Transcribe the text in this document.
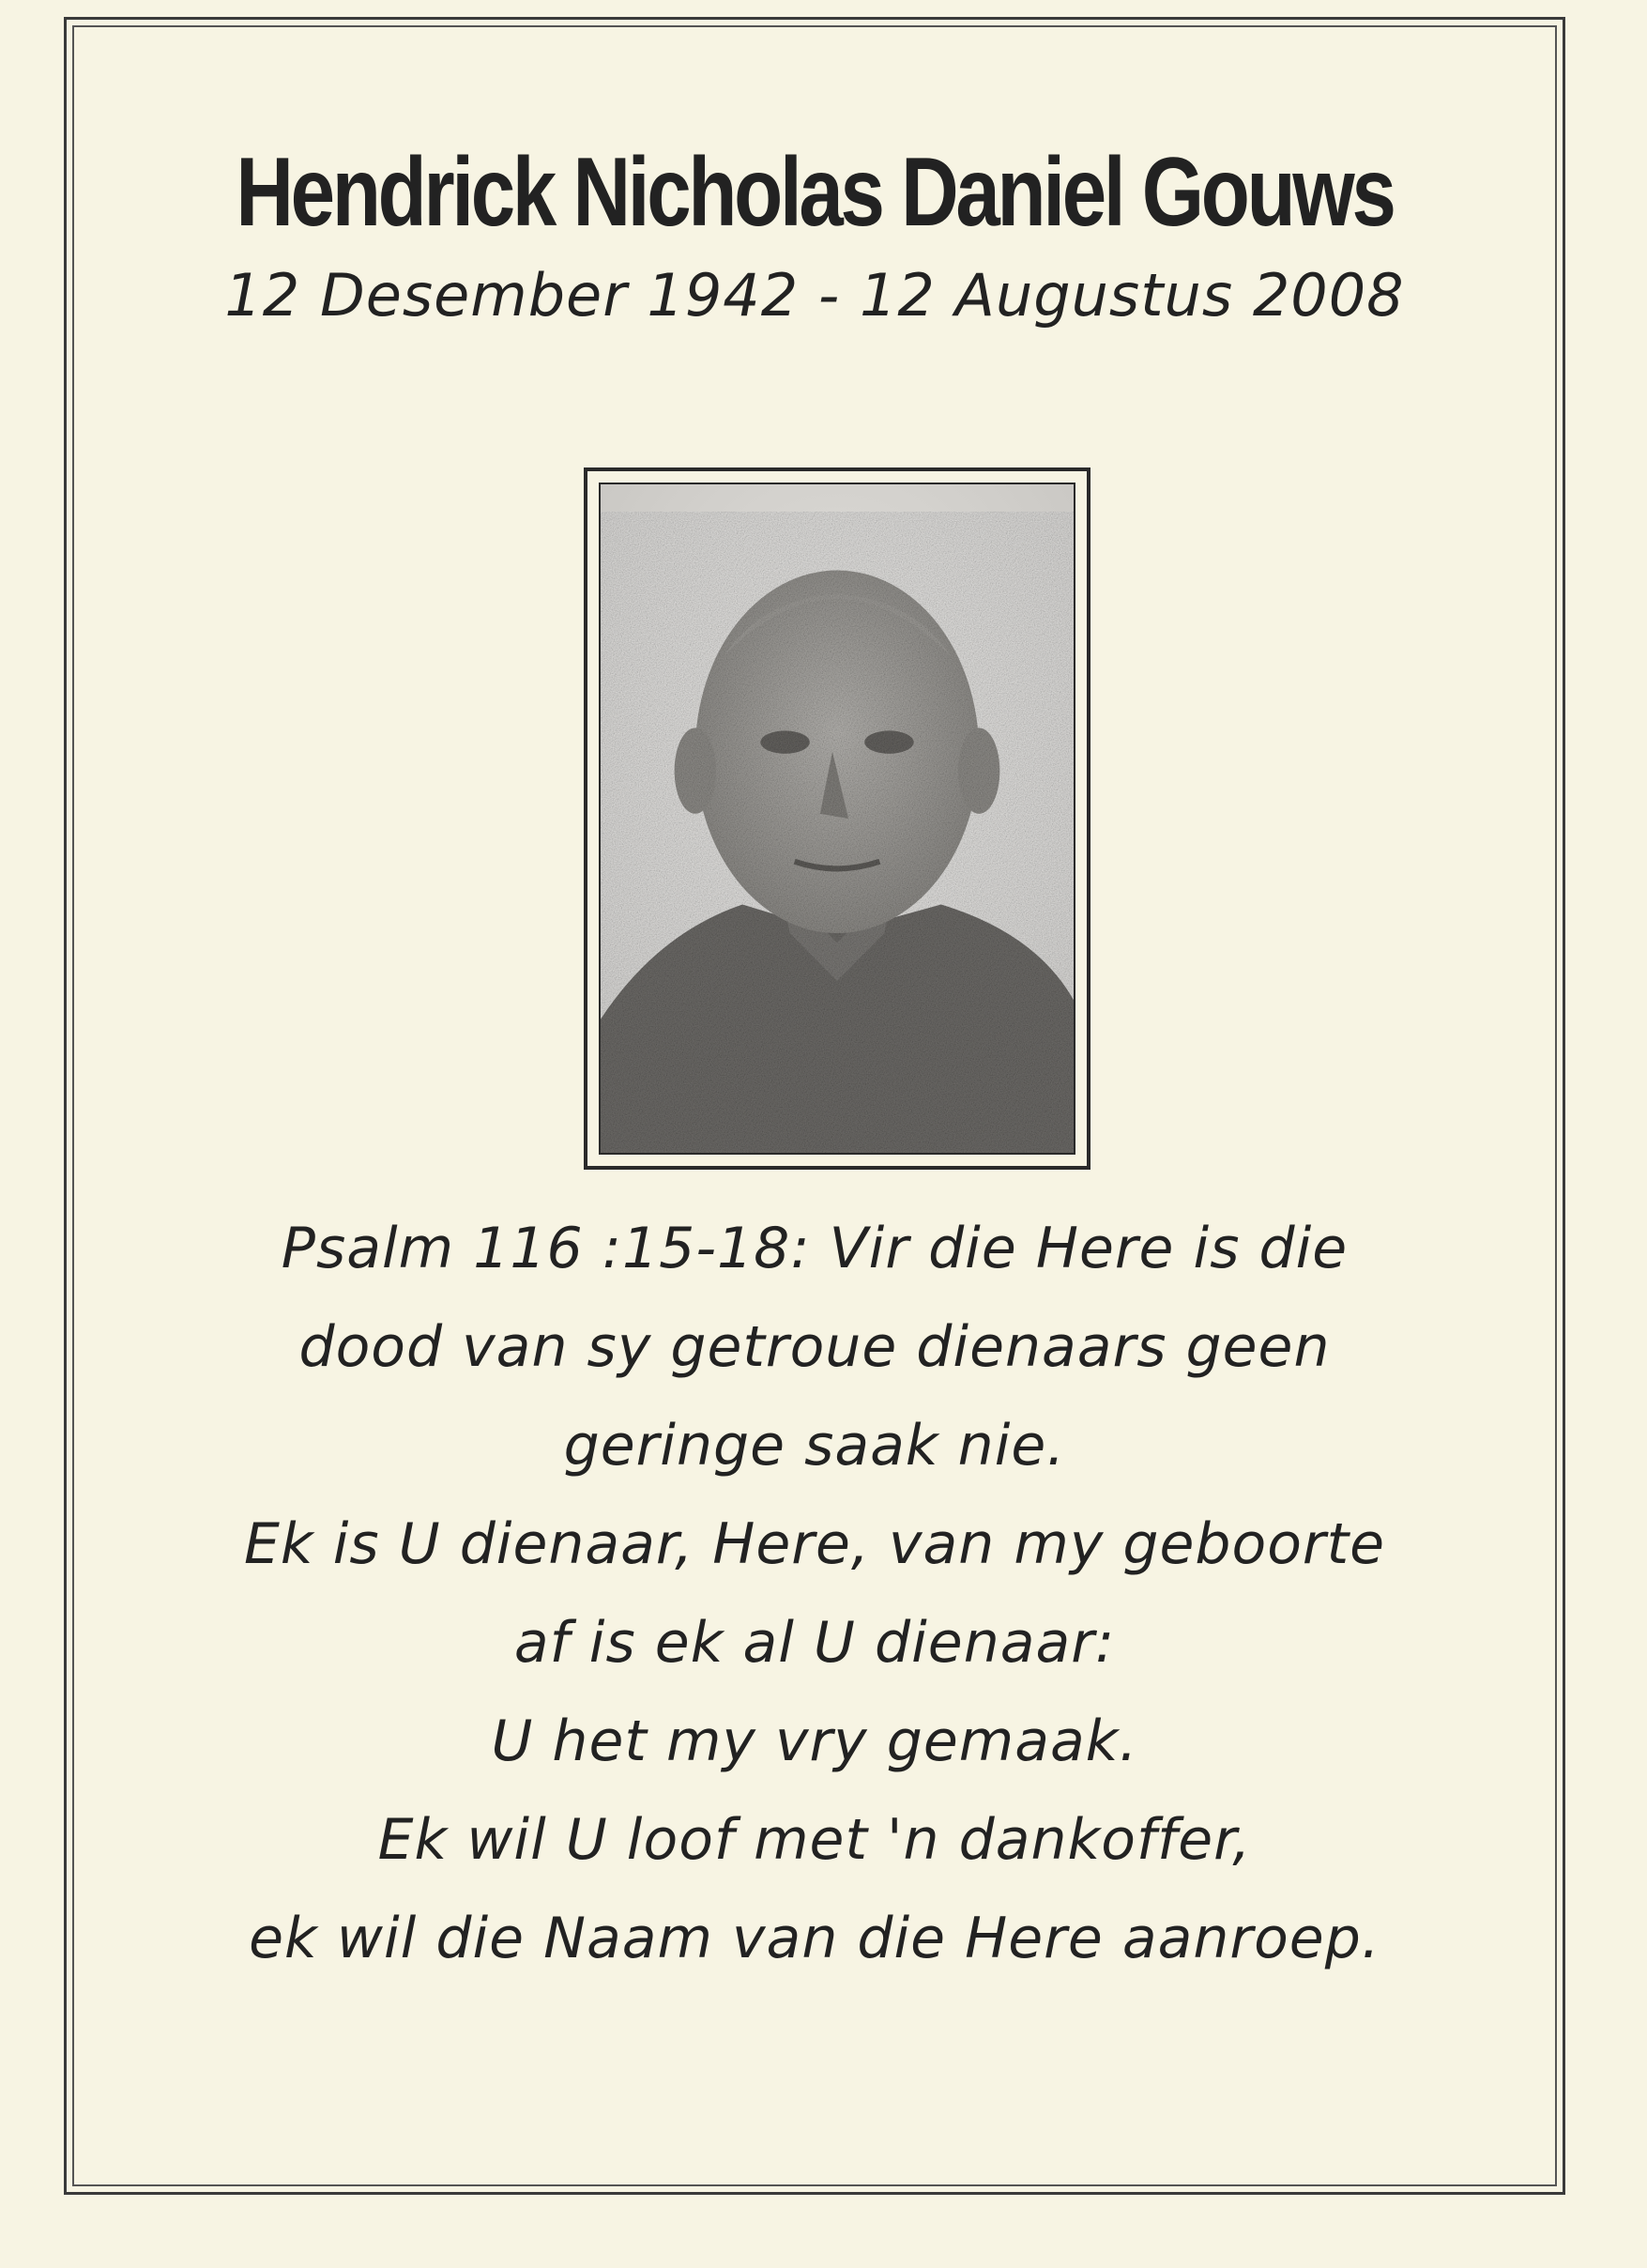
Hendrick Nicholas Daniel Gouws

12 Desember 1942 - 12 Augustus 2008

Psalm 116 :15-18: Vir die Here is die

dood van sy getroue dienaars geen

geringe saak nie.

Ek is U dienaar, Here, van my geboorte

af is ek al U dienaar:

U het my vry gemaak.

Ek wil U loof met 'n dankoffer,

ek wil die Naam van die Here aanroep.
